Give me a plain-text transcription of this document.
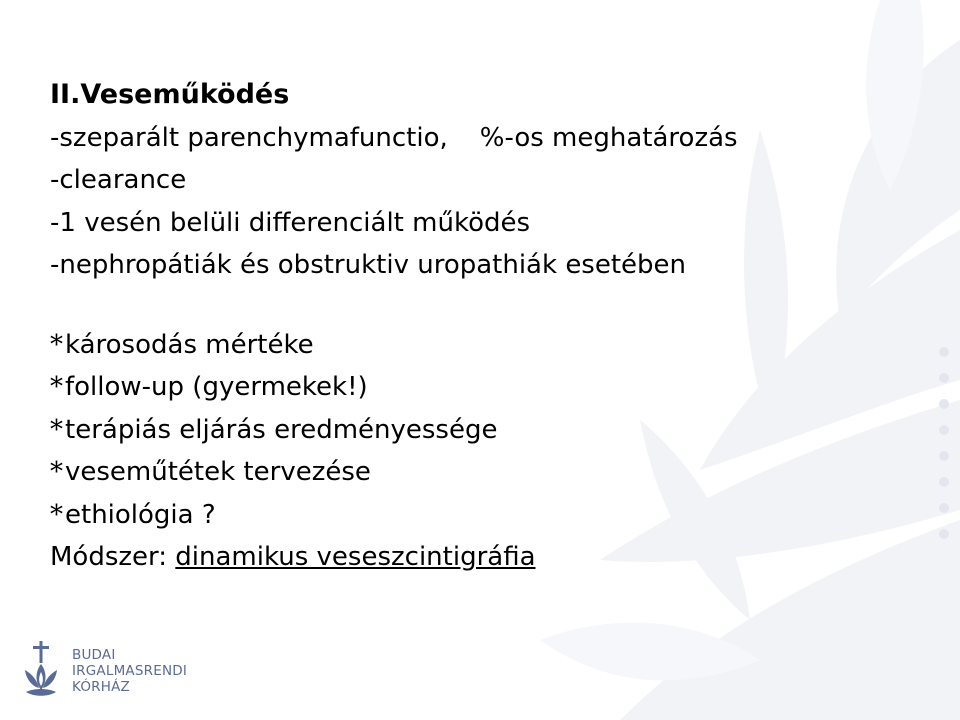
II.Veseműködés
-szeparált parenchymafunctio, %-os meghatározás
-clearance
-1 vesén belüli differenciált működés
-nephropátiák és obstruktiv uropathiák esetében
*károsodás mértéke
*follow-up (gyermekek!)
*terápiás eljárás eredményessége
*veseműtétek tervezése
*ethiológia ?
Módszer: dinamikus veseszcintigráfia
BUDAI
IRGALMASRENDI
KÓRHÁZ
